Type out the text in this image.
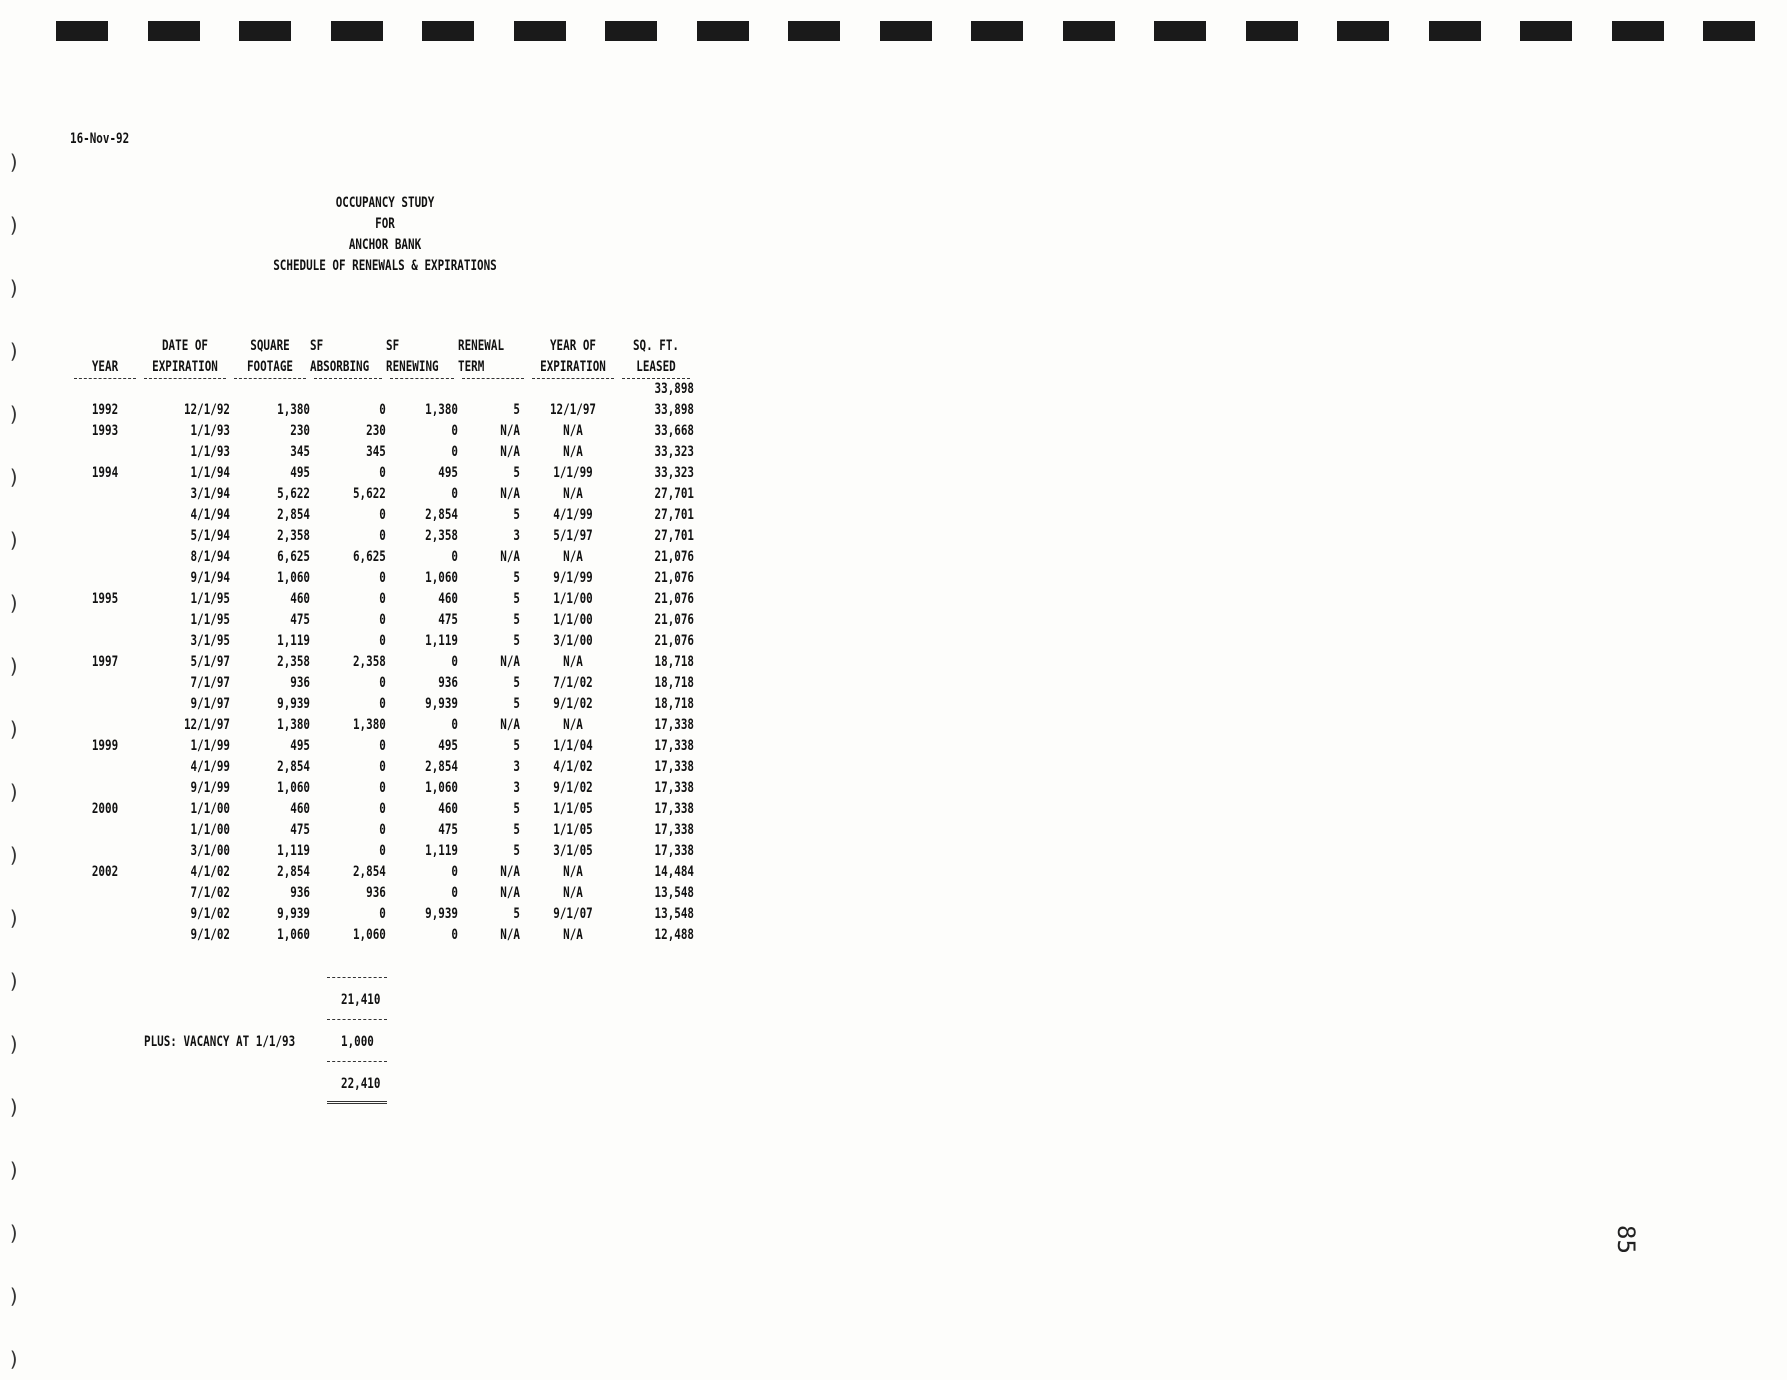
)
)
)
)
)
)
)
)
)
)
)
)
)
)
)
)
)
)
)
)
16-Nov-92
OCCUPANCY STUDY
FOR
ANCHOR BANK
SCHEDULE OF RENEWALS & EXPIRATIONS

	DATE OF	SQUARE	SF	SF	RENEWAL	YEAR OF	SQ. FT.

YEAR	EXPIRATION	FOOTAGE	ABSORBING	RENEWING	TERM	EXPIRATION	LEASED

							33,898

1992	12/1/92	1,380	0	1,380	5	12/1/97	33,898

1993	1/1/93	230	230	0	N/A	N/A	33,668

	1/1/93	345	345	0	N/A	N/A	33,323

1994	1/1/94	495	0	495	5	1/1/99	33,323

	3/1/94	5,622	5,622	0	N/A	N/A	27,701

	4/1/94	2,854	0	2,854	5	4/1/99	27,701

	5/1/94	2,358	0	2,358	3	5/1/97	27,701

	8/1/94	6,625	6,625	0	N/A	N/A	21,076

	9/1/94	1,060	0	1,060	5	9/1/99	21,076

1995	1/1/95	460	0	460	5	1/1/00	21,076

	1/1/95	475	0	475	5	1/1/00	21,076

	3/1/95	1,119	0	1,119	5	3/1/00	21,076

1997	5/1/97	2,358	2,358	0	N/A	N/A	18,718

	7/1/97	936	0	936	5	7/1/02	18,718

	9/1/97	9,939	0	9,939	5	9/1/02	18,718

	12/1/97	1,380	1,380	0	N/A	N/A	17,338

1999	1/1/99	495	0	495	5	1/1/04	17,338

	4/1/99	2,854	0	2,854	3	4/1/02	17,338

	9/1/99	1,060	0	1,060	3	9/1/02	17,338

2000	1/1/00	460	0	460	5	1/1/05	17,338

	1/1/00	475	0	475	5	1/1/05	17,338

	3/1/00	1,119	0	1,119	5	3/1/05	17,338

2002	4/1/02	2,854	2,854	0	N/A	N/A	14,484

	7/1/02	936	936	0	N/A	N/A	13,548

	9/1/02	9,939	0	9,939	5	9/1/07	13,548

	9/1/02	1,060	1,060	0	N/A	N/A	12,488
21,410
PLUS: VACANCY AT 1/1/93	1,000
22,410
85
